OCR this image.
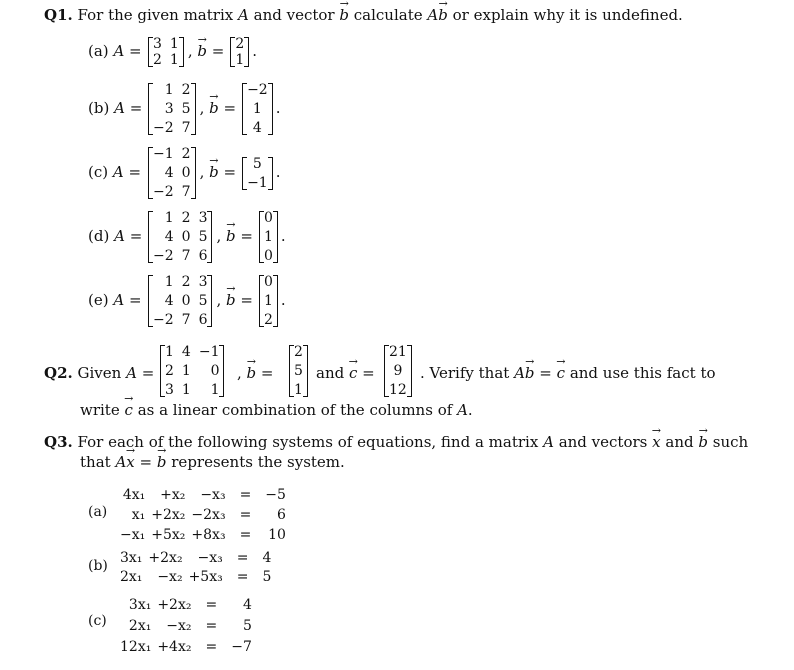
Q1. For the given matrix A and vector b → calculate Ab → or explain why it is undefined.
(a) A = 3 1
2 1 , b → = 2
1 .
(b) A =
1 2
3 5
−2 7
, b → =
−2
1
4
.
(c) A =
−1 2
4 0
−2 7
, b → = 5
−1
.
(d) A =
1 2 3
4 0 5
−2 7 6
, b → =
0
1
0
.
(e) A =
1 2 3
4 0 5
−2 7 6
, b → =
0
1
2
.
Q2. Given A =
1 4 −1
2 1 0
3 1 1
, b → =
2
5
1
and c → =
21
9
12
. Verify that Ab → = c → and use this fact to
write c → as a linear combination of the columns of A.
Q3. For each of the following systems of equations, find a matrix A and vectors x → and b → such
that Ax → = b → represents the system.
(a)
4x₁ +x₂ −x₃	=	−5
x₁ +2x₂ −2x₃	=	6
−x₁ +5x₂ +8x₃	=	10
(b)
3x₁ +2x₂ −x₃	=	4
2x₁ −x₂ +5x₃	=	5
(c)
3x₁ +2x₂	=	4
2x₁ −x₂	=	5
12x₁ +4x₂	=	−7
